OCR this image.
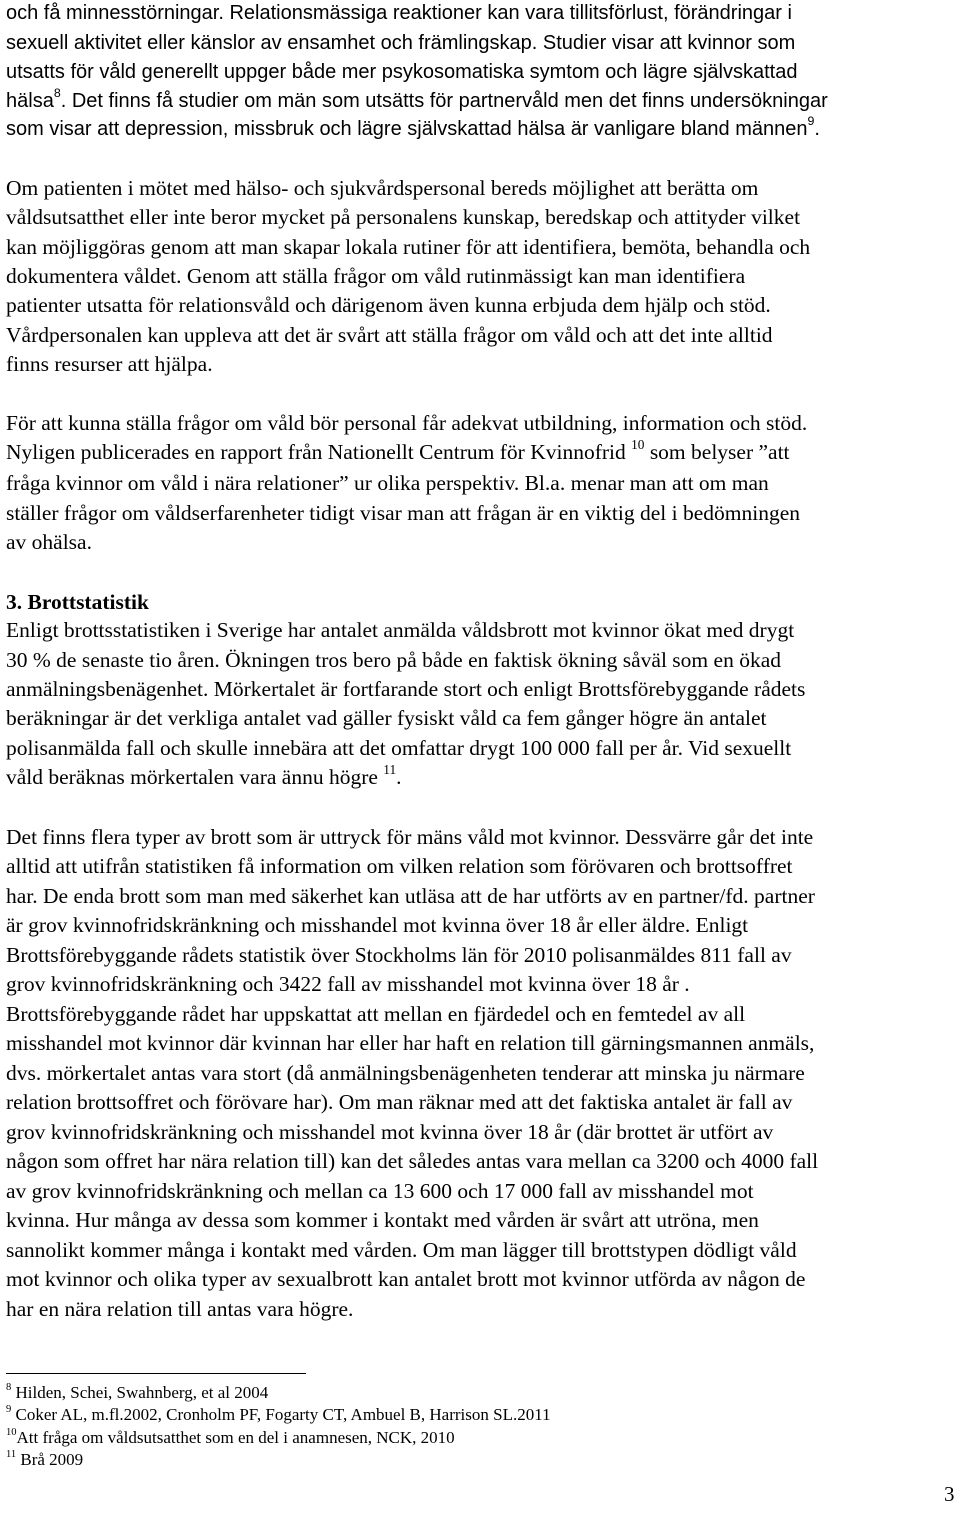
och få minnesstörningar. Relationsmässiga reaktioner kan vara tillitsförlust, förändringar i
sexuell aktivitet eller känslor av ensamhet och främlingskap. Studier visar att kvinnor som
utsatts för våld generellt uppger både mer psykosomatiska symtom och lägre självskattad
hälsa$^8$. Det finns få studier om män som utsätts för partnervåld men det finns undersökningar
som visar att depression, missbruk och lägre självskattad hälsa är vanligare bland männen$^9$.
Om patienten i mötet med hälso- och sjukvårdspersonal bereds möjlighet att berätta om
våldsutsatthet eller inte beror mycket på personalens kunskap, beredskap och attityder vilket
kan möjliggöras genom att man skapar lokala rutiner för att identifiera, bemöta, behandla och
dokumentera våldet. Genom att ställa frågor om våld rutinmässigt kan man identifiera
patienter utsatta för relationsvåld och därigenom även kunna erbjuda dem hjälp och stöd.
Vårdpersonalen kan uppleva att det är svårt att ställa frågor om våld och att det inte alltid
finns resurser att hjälpa.
För att kunna ställa frågor om våld bör personal får adekvat utbildning, information och stöd.
Nyligen publicerades en rapport från Nationellt Centrum för Kvinnofrid $^{10}$ som belyser ”att
fråga kvinnor om våld i nära relationer” ur olika perspektiv. Bl.a. menar man att om man
ställer frågor om våldserfarenheter tidigt visar man att frågan är en viktig del i bedömningen
av ohälsa.
3. Brottstatistik
Enligt brottsstatistiken i Sverige har antalet anmälda våldsbrott mot kvinnor ökat med drygt
30 % de senaste tio åren. Ökningen tros bero på både en faktisk ökning såväl som en ökad
anmälningsbenägenhet. Mörkertalet är fortfarande stort och enligt Brottsförebyggande rådets
beräkningar är det verkliga antalet vad gäller fysiskt våld ca fem gånger högre än antalet
polisanmälda fall och skulle innebära att det omfattar drygt 100 000 fall per år. Vid sexuellt
våld beräknas mörkertalen vara ännu högre $^{11}$.
Det finns flera typer av brott som är uttryck för mäns våld mot kvinnor. Dessvärre går det inte
alltid att utifrån statistiken få information om vilken relation som förövaren och brottsoffret
har. De enda brott som man med säkerhet kan utläsa att de har utförts av en partner/fd. partner
är grov kvinnofridskränkning och misshandel mot kvinna över 18 år eller äldre. Enligt
Brottsförebyggande rådets statistik över Stockholms län för 2010 polisanmäldes 811 fall av
grov kvinnofridskränkning och 3422 fall av misshandel mot kvinna över 18 år .
Brottsförebyggande rådet har uppskattat att mellan en fjärdedel och en femtedel av all
misshandel mot kvinnor där kvinnan har eller har haft en relation till gärningsmannen anmäls,
dvs. mörkertalet antas vara stort (då anmälningsbenägenheten tenderar att minska ju närmare
relation brottsoffret och förövare har). Om man räknar med att det faktiska antalet är fall av
grov kvinnofridskränkning och misshandel mot kvinna över 18 år (där brottet är utfört av
någon som offret har nära relation till) kan det således antas vara mellan ca 3200 och 4000 fall
av grov kvinnofridskränkning och mellan ca 13 600 och 17 000 fall av misshandel mot
kvinna. Hur många av dessa som kommer i kontakt med vården är svårt att utröna, men
sannolikt kommer många i kontakt med vården. Om man lägger till brottstypen dödligt våld
mot kvinnor och olika typer av sexualbrott kan antalet brott mot kvinnor utförda av någon de
har en nära relation till antas vara högre.
$^8$ Hilden, Schei, Swahnberg, et al 2004
$^9$ Coker AL, m.fl.2002, Cronholm PF, Fogarty CT, Ambuel B, Harrison SL.2011
$^{10}$Att fråga om våldsutsatthet som en del i anamnesen, NCK, 2010
$^{11}$ Brå 2009
3
